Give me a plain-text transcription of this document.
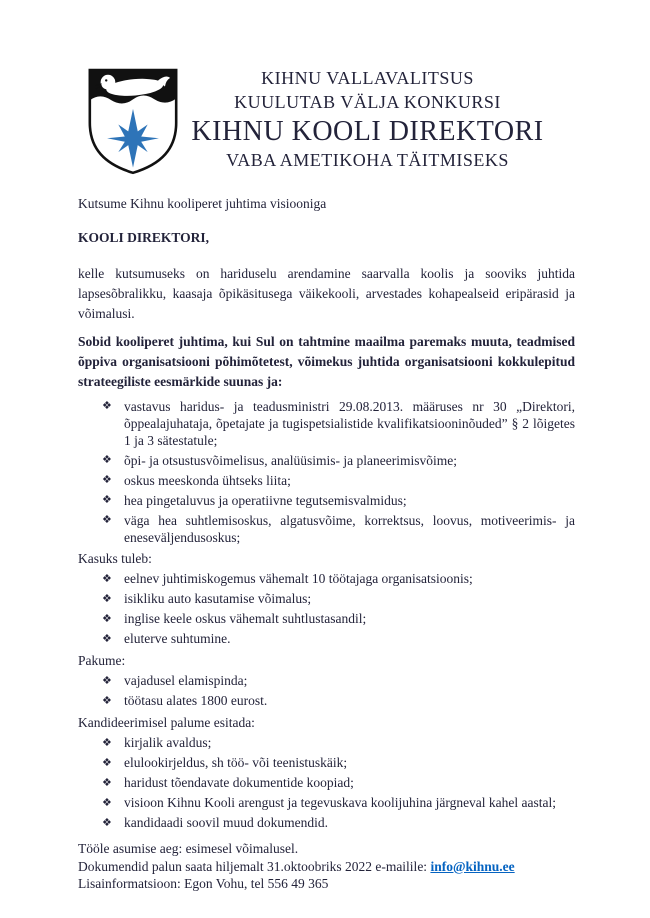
KIHNU VALLAVALITSUS
KUULUTAB VÄLJA KONKURSI
KIHNU KOOLI DIREKTORI
VABA AMETIKOHA TÄITMISEKS

Kutsume Kihnu kooliperet juhtima visiooniga

KOOLI DIREKTORI,

kelle kutsumuseks on hariduselu arendamine saarvalla koolis ja sooviks juhtida lapsesõbralikku, kaasaja õpikäsitusega väikekooli, arvestades kohapealseid eripärasid ja võimalusi.

Sobid kooliperet juhtima, kui Sul on tahtmine maailma paremaks muuta, teadmised õppiva organisatsiooni põhimõtetest, võimekus juhtida organisatsiooni kokkulepitud strateegiliste eesmärkide suunas ja:

❖ vastavus haridus- ja teadusministri 29.08.2013. määruses nr 30 „Direktori, õppealajuhataja, õpetajate ja tugispetsialistide kvalifikatsiooninõuded” § 2 lõigetes 1 ja 3 sätestatule;
❖ õpi- ja otsustusvõimelisus, analüüsimis- ja planeerimisvõime;
❖ oskus meeskonda ühtseks liita;
❖ hea pingetaluvus ja operatiivne tegutsemisvalmidus;
❖ väga hea suhtlemisoskus, algatusvõime, korrektsus, loovus, motiveerimis- ja eneseväljendusoskus;

Kasuks tuleb:

❖ eelnev juhtimiskogemus vähemalt 10 töötajaga organisatsioonis;
❖ isikliku auto kasutamise võimalus;
❖ inglise keele oskus vähemalt suhtlustasandil;
❖ eluterve suhtumine.

Pakume:

❖ vajadusel elamispinda;
❖ töötasu alates 1800 eurost.

Kandideerimisel palume esitada:

❖ kirjalik avaldus;
❖ elulookirjeldus, sh töö- või teenistuskäik;
❖ haridust tõendavate dokumentide koopiad;
❖ visioon Kihnu Kooli arengust ja tegevuskava koolijuhina järgneval kahel aastal;
❖ kandidaadi soovil muud dokumendid.

Tööle asumise aeg: esimesel võimalusel.

Dokumendid palun saata hiljemalt 31.oktoobriks 2022 e-mailile: info@kihnu.ee

Lisainformatsioon: Egon Vohu, tel 556 49 365
